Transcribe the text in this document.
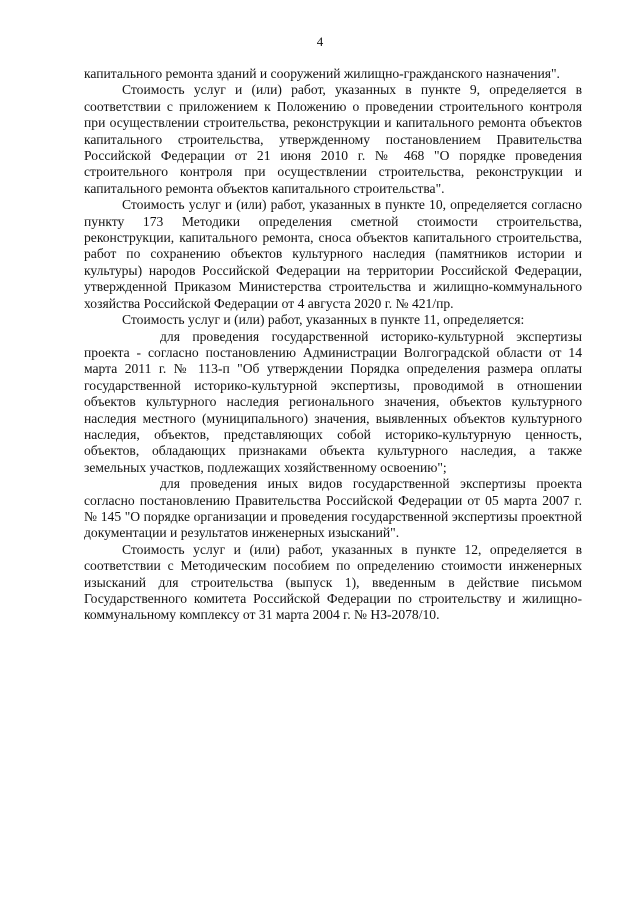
4

капитального ремонта зданий и сооружений жилищно-гражданского назначения".

Стоимость услуг и (или) работ, указанных в пункте 9, определяется в соответствии с приложением к Положению о проведении строительного контроля при осуществлении строительства, реконструкции и капитального ремонта объектов капитального строительства, утвержденному постановлением Правительства Российской Федерации от 21 июня 2010 г. № 468 "О порядке проведения строительного контроля при осуществлении строительства, реконструкции и капитального ремонта объектов капитального строительства".

Стоимость услуг и (или) работ, указанных в пункте 10, определяется согласно пункту 173 Методики определения сметной стоимости строительства, реконструкции, капитального ремонта, сноса объектов капитального строительства, работ по сохранению объектов культурного наследия (памятников истории и культуры) народов Российской Федерации на территории Российской Федерации, утвержденной Приказом Министерства строительства и жилищно-коммунального хозяйства Российской Федерации от 4 августа 2020 г. № 421/пр.

Стоимость услуг и (или) работ, указанных в пункте 11, определяется:

для проведения государственной историко-культурной экспертизы проекта - согласно постановлению Администрации Волгоградской области от 14 марта 2011 г. № 113-п "Об утверждении Порядка определения размера оплаты государственной историко-культурной экспертизы, проводимой в отношении объектов культурного наследия регионального значения, объектов культурного наследия местного (муниципального) значения, выявленных объектов культурного наследия, объектов, представляющих собой историко-культурную ценность, объектов, обладающих признаками объекта культурного наследия, а также земельных участков, подлежащих хозяйственному освоению";

для проведения иных видов государственной экспертизы проекта согласно постановлению Правительства Российской Федерации от 05 марта 2007 г. № 145 "О порядке организации и проведения государственной экспертизы проектной документации и результатов инженерных изысканий".

Стоимость услуг и (или) работ, указанных в пункте 12, определяется в соответствии с Методическим пособием по определению стоимости инженерных изысканий для строительства (выпуск 1), введенным в действие письмом Государственного комитета Российской Федерации по строительству и жилищно-коммунальному комплексу от 31 марта 2004 г. № НЗ-2078/10.
